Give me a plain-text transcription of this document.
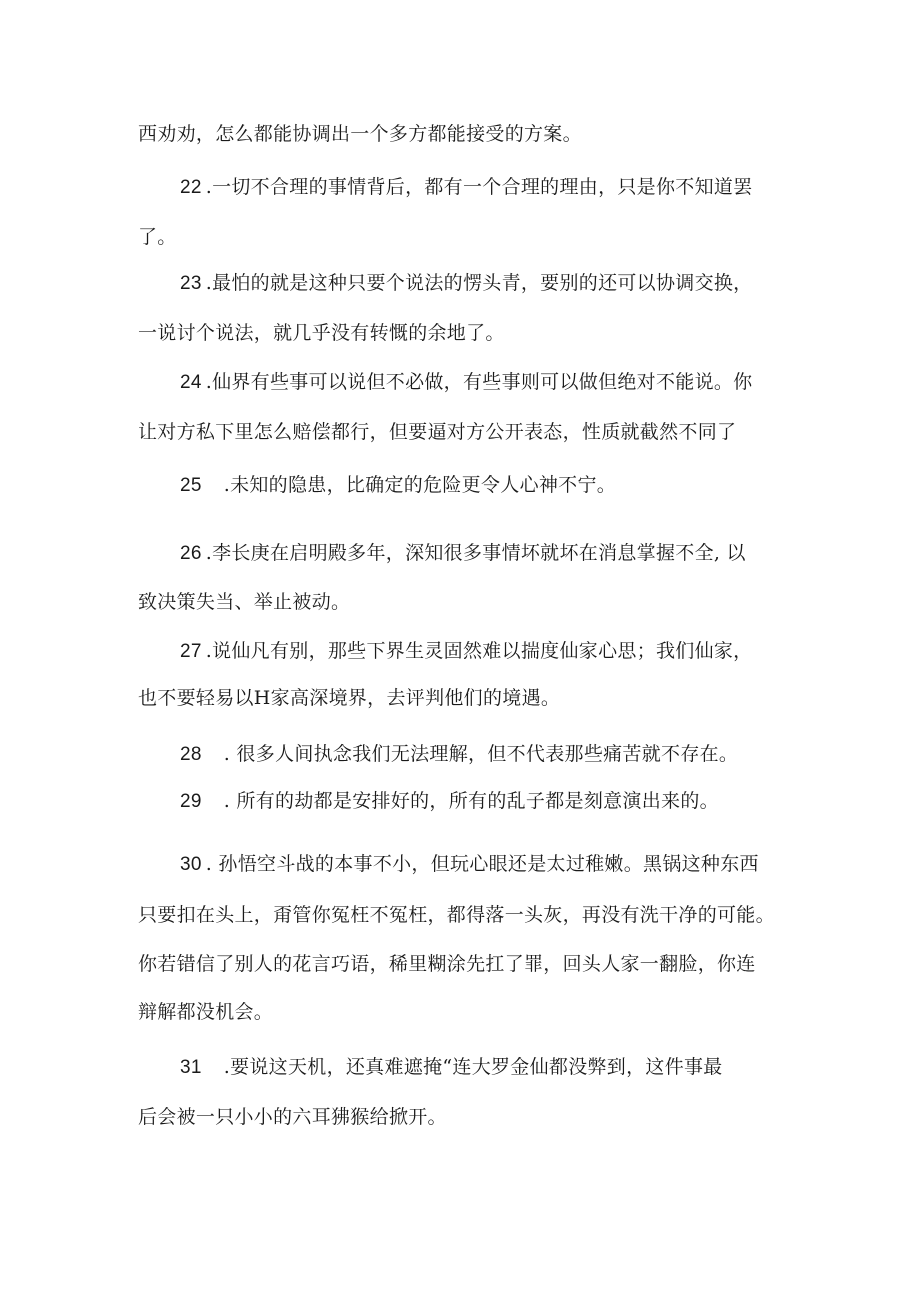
西劝劝，怎么都能协调出一个多方都能接受的方案。
22 .一切不合理的事情背后，都有一个合理的理由，只是你不知道罢
了。
23 .最怕的就是这种只要个说法的愣头青，要别的还可以协调交换，
一说讨个说法，就几乎没有转慨的余地了。
24 .仙界有些事可以说但不必做，有些事则可以做但绝对不能说。你
让对方私下里怎么赔偿都行，但要逼对方公开表态，性质就截然不同了
25 .未知的隐患，比确定的危险更令人心神不宁。
26 .李长庚在启明殿多年，深知很多事情坏就坏在消息掌握不全, 以
致决策失当、举止被动。
27 .说仙凡有别，那些下界生灵固然难以揣度仙家心思；我们仙家，
也不要轻易以H家高深境界，去评判他们的境遇。
28 . 很多人间执念我们无法理解，但不代表那些痛苦就不存在。
29 . 所有的劫都是安排好的，所有的乱子都是刻意演出来的。
30 . 孙悟空斗战的本事不小，但玩心眼还是太过稚嫩。黑锅这种东西
只要扣在头上，甭管你冤枉不冤枉，都得落一头灰，再没有洗干净的可能。
你若错信了别人的花言巧语，稀里糊涂先扛了罪，回头人家一翻脸，你连
辩解都没机会。
31 .要说这天机，还真难遮掩“连大罗金仙都没弊到，这件事最
后会被一只小小的六耳狒猴给掀开。
